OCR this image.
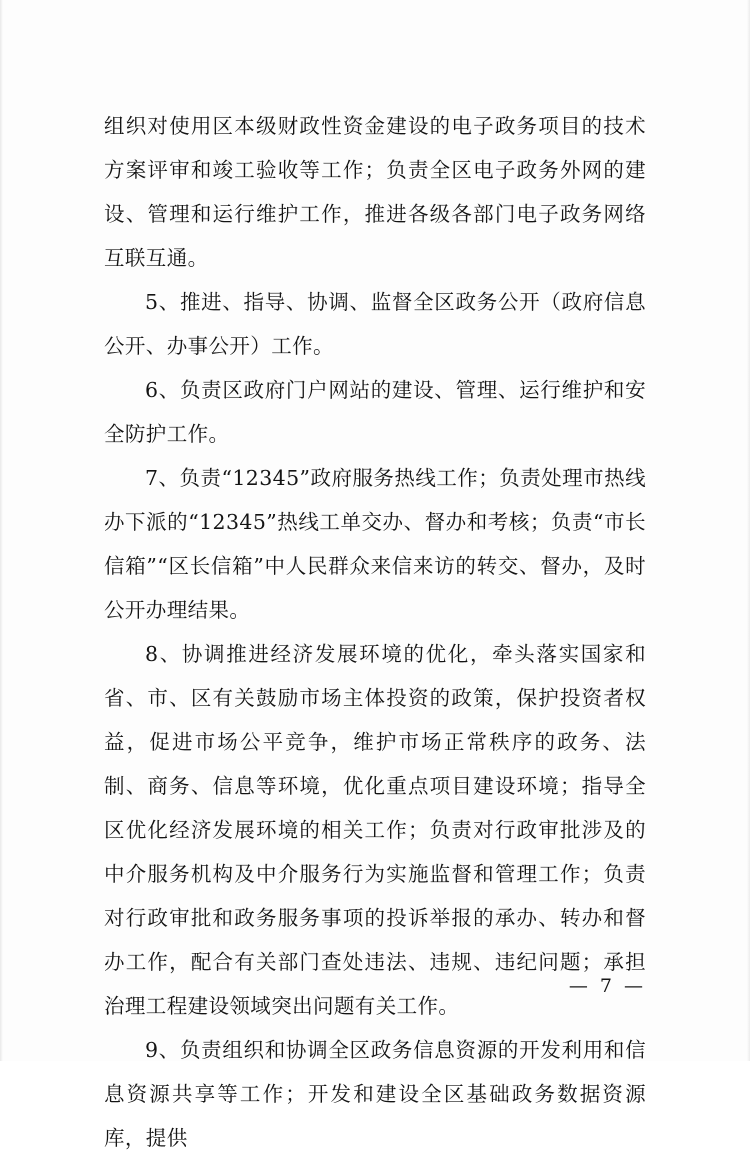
组织对使用区本级财政性资金建设的电子政务项目的技术方案评审和竣工验收等工作；负责全区电子政务外网的建设、管理和运行维护工作，推进各级各部门电子政务网络互联互通。

5、推进、指导、协调、监督全区政务公开（政府信息公开、办事公开）工作。

6、负责区政府门户网站的建设、管理、运行维护和安全防护工作。

7、负责“12345”政府服务热线工作；负责处理市热线办下派的“12345”热线工单交办、督办和考核；负责“市长信箱”“区长信箱”中人民群众来信来访的转交、督办，及时公开办理结果。

8、协调推进经济发展环境的优化，牵头落实国家和省、市、区有关鼓励市场主体投资的政策，保护投资者权益，促进市场公平竞争，维护市场正常秩序的政务、法制、商务、信息等环境，优化重点项目建设环境；指导全区优化经济发展环境的相关工作；负责对行政审批涉及的中介服务机构及中介服务行为实施监督和管理工作；负责对行政审批和政务服务事项的投诉举报的承办、转办和督办工作，配合有关部门查处违法、违规、违纪问题；承担治理工程建设领域突出问题有关工作。

9、负责组织和协调全区政务信息资源的开发利用和信息资源共享等工作；开发和建设全区基础政务数据资源库，提供

— 7 —
